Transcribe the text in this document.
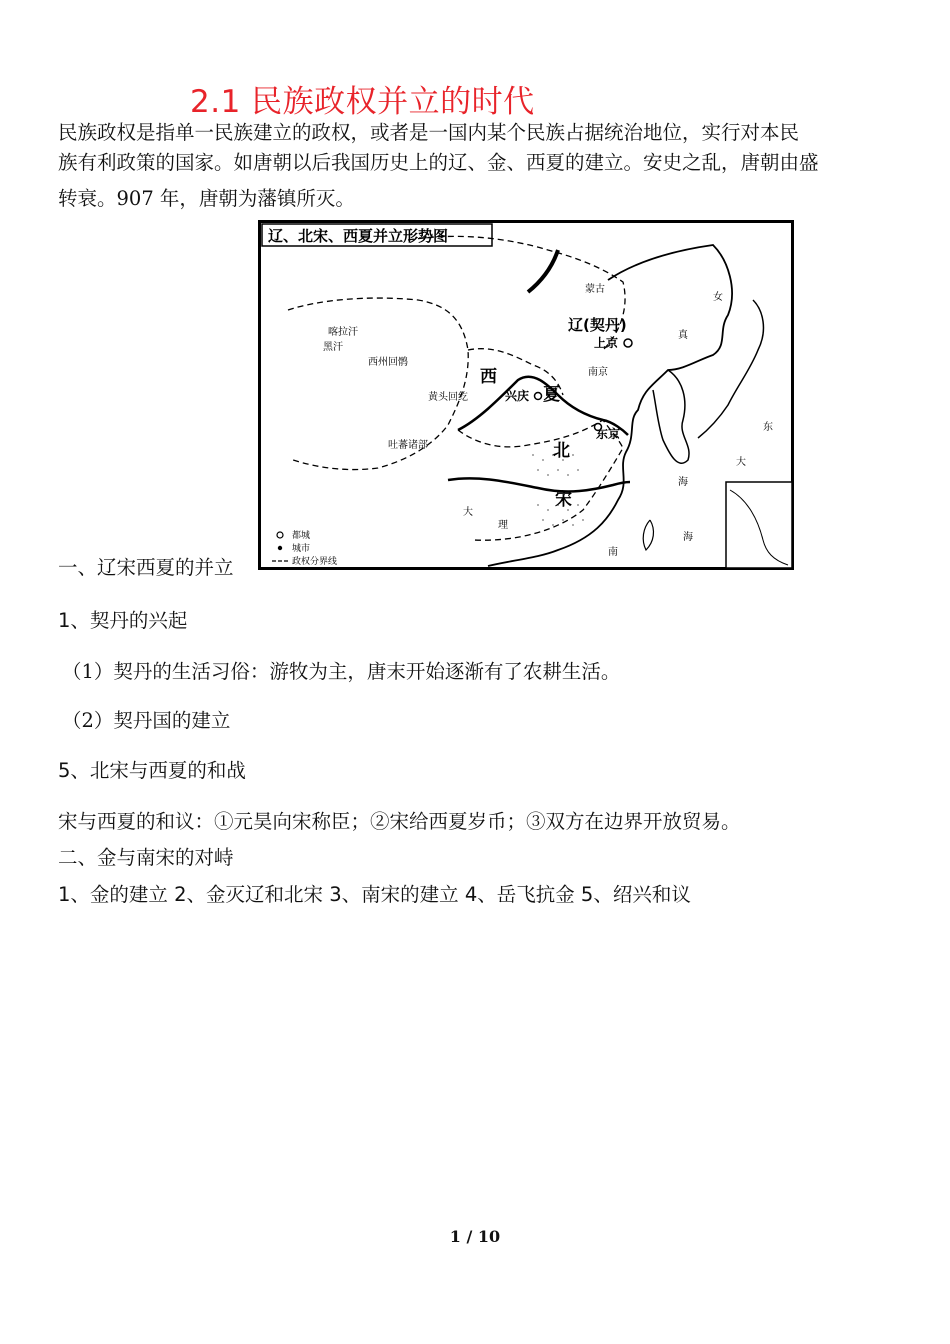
2.1 民族政权并立的时代

民族政权是指单一民族建立的政权，或者是一国内某个民族占据统治地位，实行对本民
族有利政策的国家。如唐朝以后我国历史上的辽、金、西夏的建立。安史之乱，唐朝由盛
转衰。907 年，唐朝为藩镇所灭。

辽、北宋、西夏并立形势图
蒙古
辽(契丹)
上京
女
真
喀拉汗
黑汗
西州回鹘
黄头回纥
吐蕃诸部
西
夏
兴庆
南京
东京
北
宋
大
理
东
大
海
海
南
都城
城市
政权分界线

一、辽宋西夏的并立

1、契丹的兴起

（1）契丹的生活习俗：游牧为主，唐末开始逐渐有了农耕生活。

（2）契丹国的建立

5、北宋与西夏的和战

宋与西夏的和议：①元昊向宋称臣；②宋给西夏岁币；③双方在边界开放贸易。

二、金与南宋的对峙

1、金的建立 2、金灭辽和北宋 3、南宋的建立 4、岳飞抗金 5、绍兴和议

1 / 10
